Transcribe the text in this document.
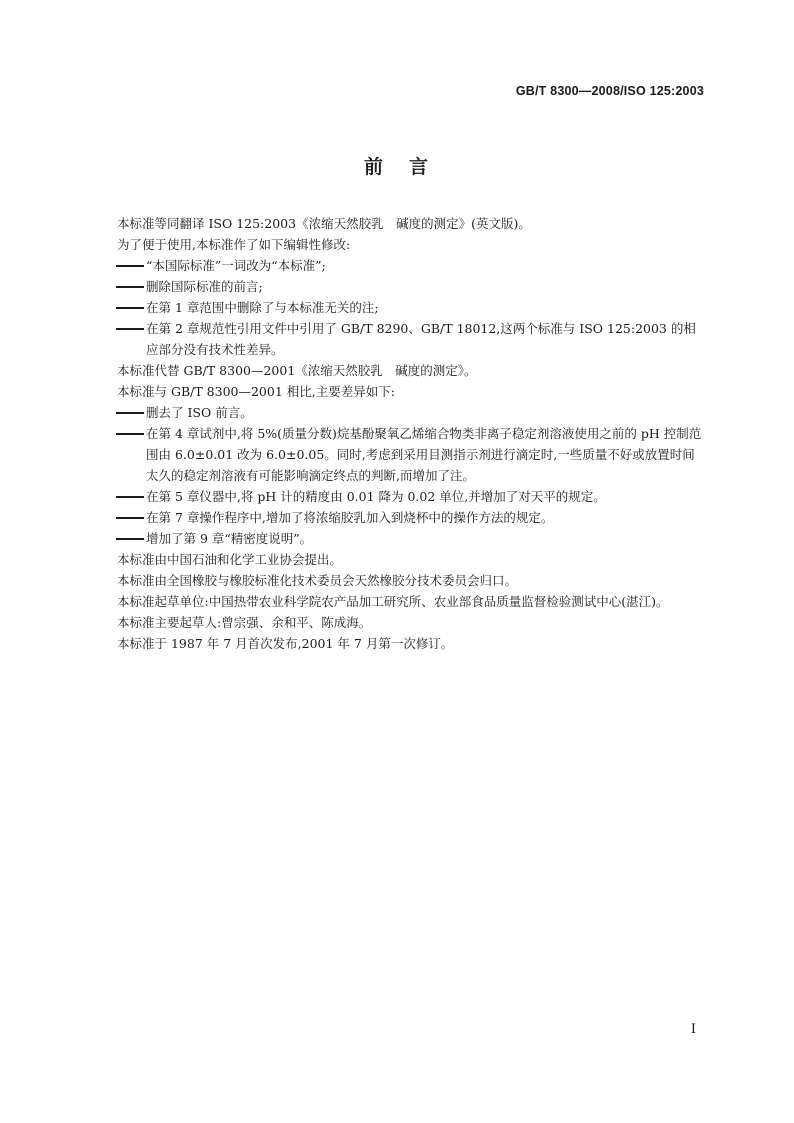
GB/T 8300—2008/ISO 125:2003
前言

本标准等同翻译 ISO 125:2003《浓缩天然胶乳　碱度的测定》(英文版)。

为了便于使用,本标准作了如下编辑性修改:

“本国际标准”一词改为“本标准”;

删除国际标准的前言;

在第 1 章范围中删除了与本标准无关的注;

在第 2 章规范性引用文件中引用了 GB/T 8290、GB/T 18012,这两个标准与 ISO 125:2003 的相应部分没有技术性差异。

本标准代替 GB/T 8300—2001《浓缩天然胶乳　碱度的测定》。

本标准与 GB/T 8300—2001 相比,主要差异如下:

删去了 ISO 前言。

在第 4 章试剂中,将 5%(质量分数)烷基酚聚氧乙烯缩合物类非离子稳定剂溶液使用之前的 pH 控制范围由 6.0±0.01 改为 6.0±0.05。同时,考虑到采用目测指示剂进行滴定时,一些质量不好或放置时间太久的稳定剂溶液有可能影响滴定终点的判断,而增加了注。

在第 5 章仪器中,将 pH 计的精度由 0.01 降为 0.02 单位,并增加了对天平的规定。

在第 7 章操作程序中,增加了将浓缩胶乳加入到烧杯中的操作方法的规定。

增加了第 9 章“精密度说明”。

本标准由中国石油和化学工业协会提出。

本标准由全国橡胶与橡胶标准化技术委员会天然橡胶分技术委员会归口。

本标准起草单位:中国热带农业科学院农产品加工研究所、农业部食品质量监督检验测试中心(湛江)。

本标准主要起草人:曾宗强、余和平、陈成海。

本标准于 1987 年 7 月首次发布,2001 年 7 月第一次修订。

I
